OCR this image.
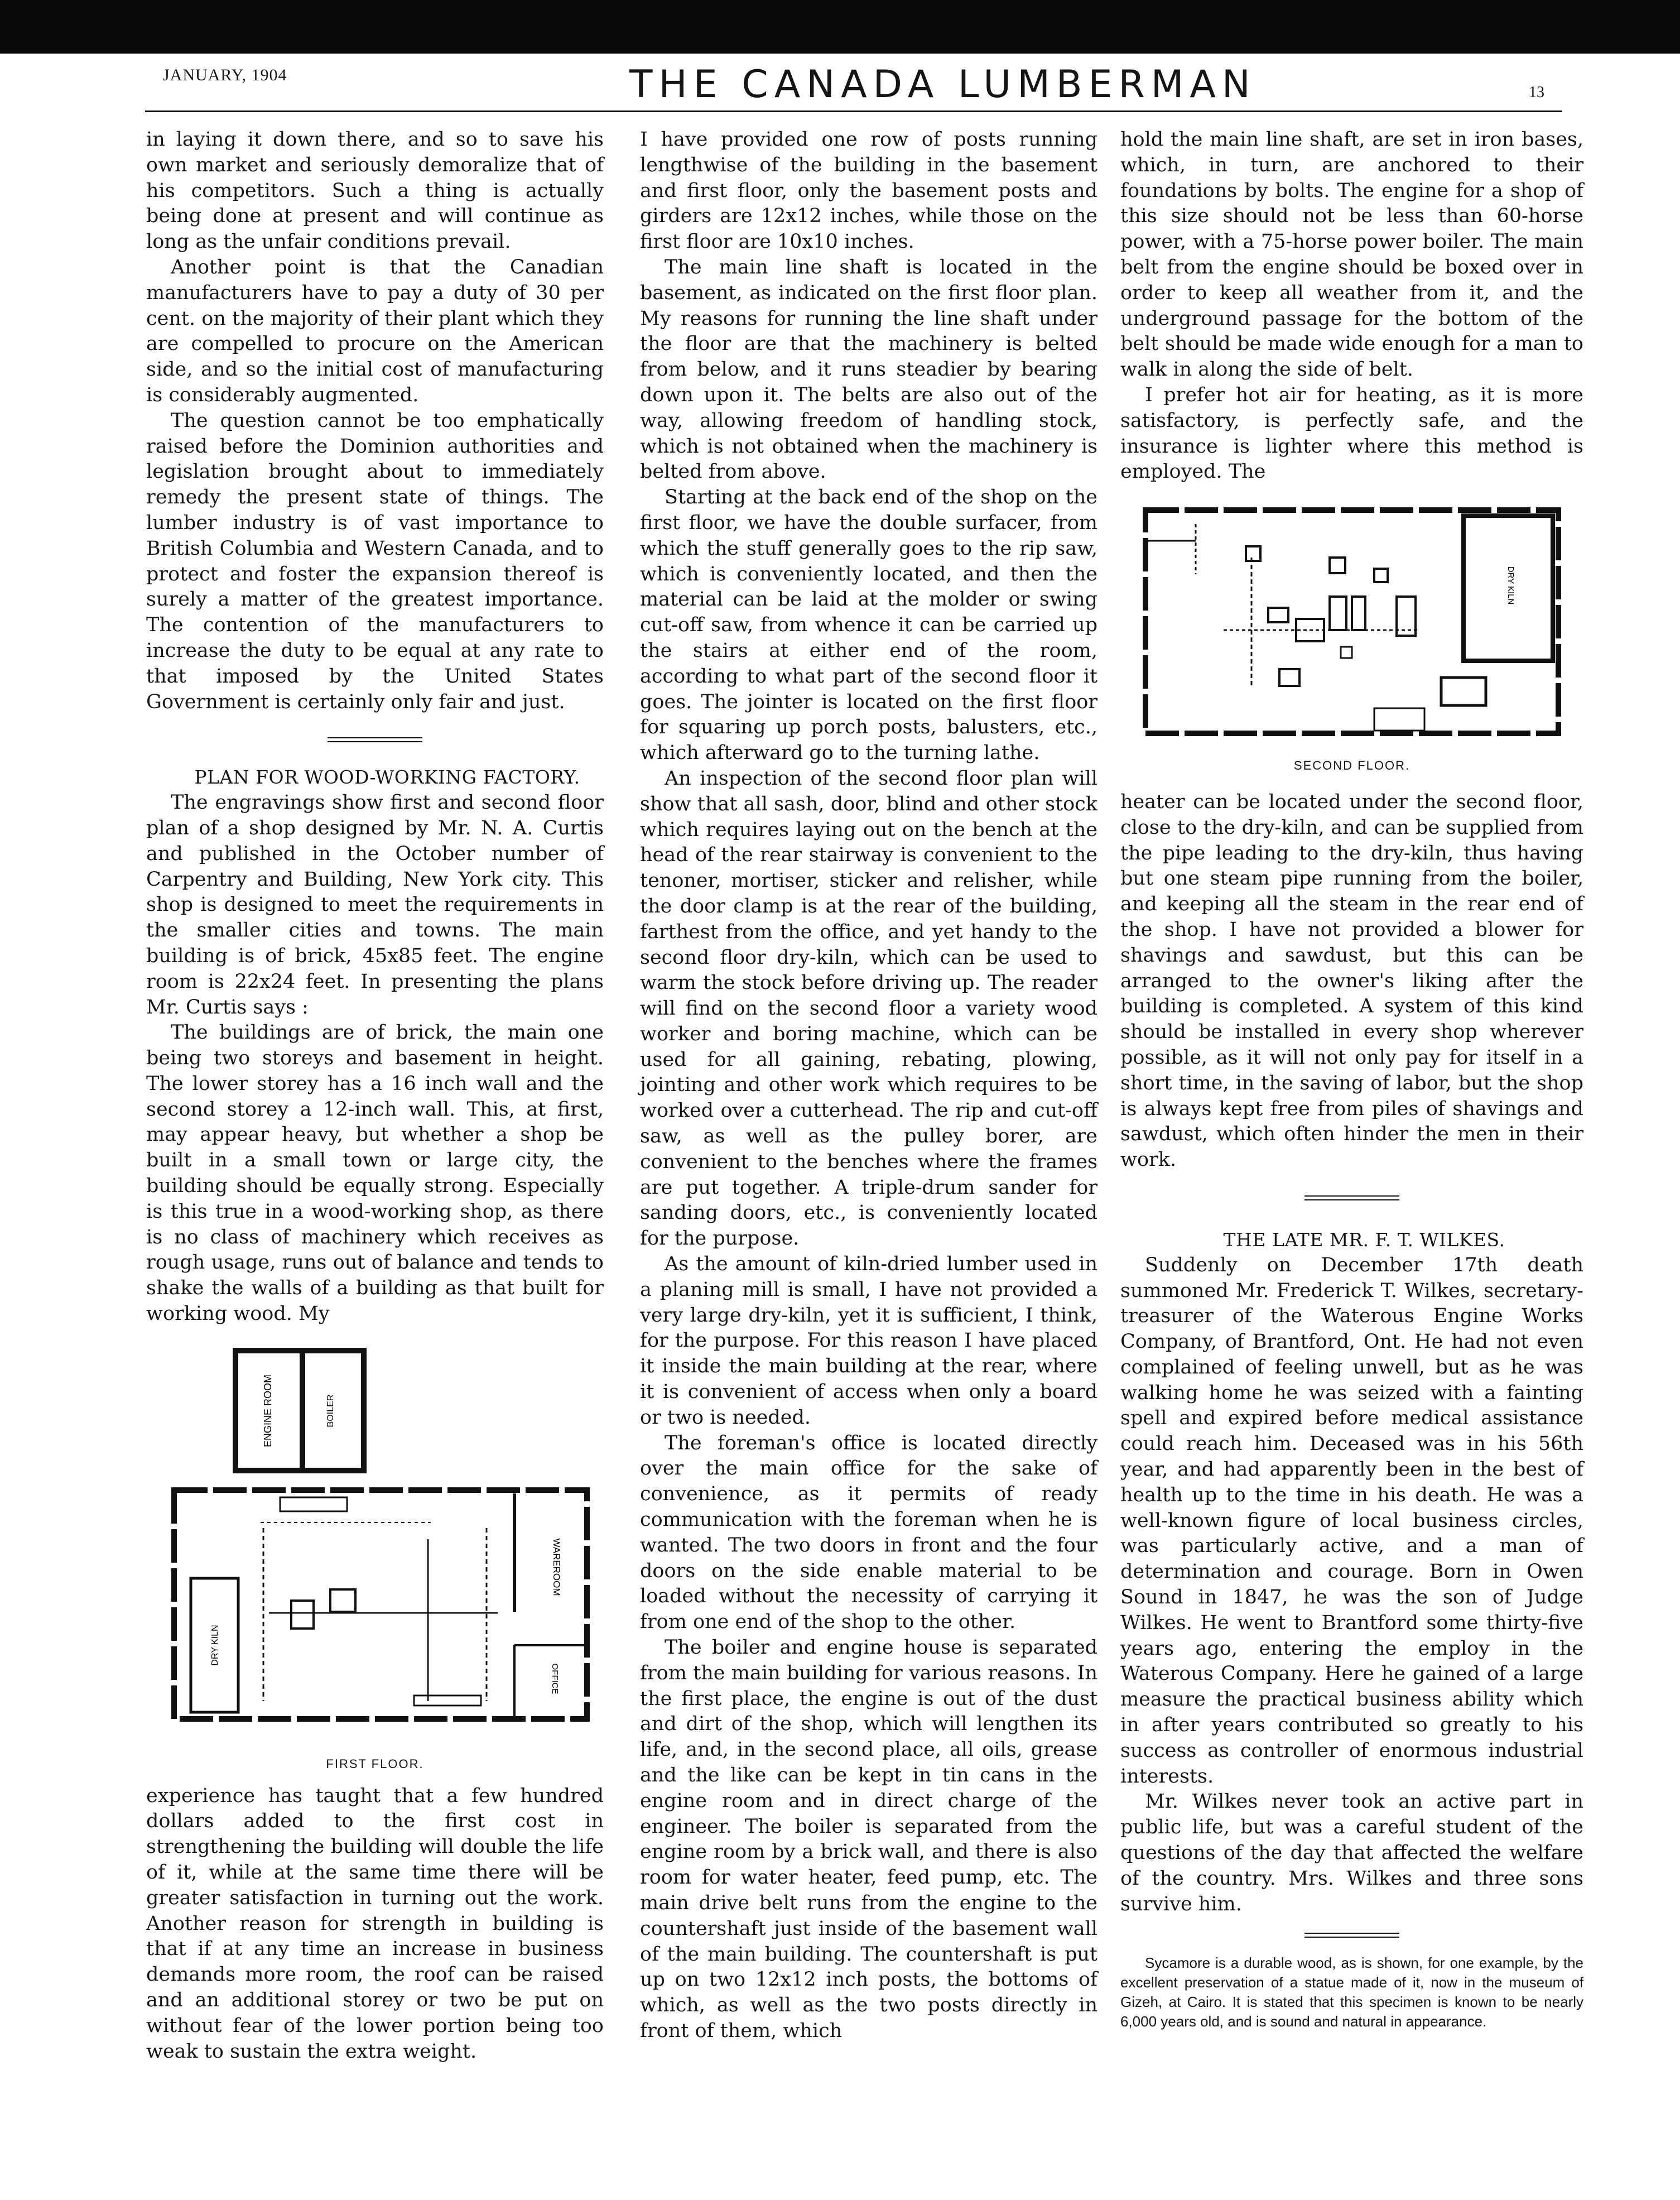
JANUARY, 1904	THE CANADA LUMBERMAN	13

in laying it down there, and so to save his own market and seriously demoralize that of his competitors. Such a thing is actually being done at present and will continue as long as the unfair conditions prevail.

Another point is that the Canadian manufacturers have to pay a duty of 30 per cent. on the majority of their plant which they are compelled to procure on the American side, and so the initial cost of manufacturing is considerably augmented.

The question cannot be too emphatically raised before the Dominion authorities and legislation brought about to immediately remedy the present state of things. The lumber industry is of vast importance to British Columbia and Western Canada, and to protect and foster the expansion thereof is surely a matter of the greatest importance. The contention of the manufacturers to increase the duty to be equal at any rate to that imposed by the United States Government is certainly only fair and just.

PLAN FOR WOOD-WORKING FACTORY.

The engravings show first and second floor plan of a shop designed by Mr. N. A. Curtis and published in the October number of Carpentry and Building, New York city. This shop is designed to meet the requirements in the smaller cities and towns. The main building is of brick, 45x85 feet. The engine room is 22x24 feet. In presenting the plans Mr. Curtis says :

The buildings are of brick, the main one being two storeys and basement in height. The lower storey has a 16 inch wall and the second storey a 12-inch wall. This, at first, may appear heavy, but whether a shop be built in a small town or large city, the building should be equally strong. Especially is this true in a wood-working shop, as there is no class of machinery which receives as rough usage, runs out of balance and tends to shake the walls of a building as that built for working wood. My

ENGINE ROOM	BOILER
DRY KILN
WAREROOM
OFFICE
FIRST FLOOR.

experience has taught that a few hundred dollars added to the first cost in strengthening the building will double the life of it, while at the same time there will be greater satisfaction in turning out the work. Another reason for strength in building is that if at any time an increase in business demands more room, the roof can be raised and an additional storey or two be put on without fear of the lower portion being too weak to sustain the extra weight.

I have provided one row of posts running lengthwise of the building in the basement and first floor, only the basement posts and girders are 12x12 inches, while those on the first floor are 10x10 inches.

The main line shaft is located in the basement, as indicated on the first floor plan. My reasons for running the line shaft under the floor are that the machinery is belted from below, and it runs steadier by bearing down upon it. The belts are also out of the way, allowing freedom of handling stock, which is not obtained when the machinery is belted from above.

Starting at the back end of the shop on the first floor, we have the double surfacer, from which the stuff generally goes to the rip saw, which is conveniently located, and then the material can be laid at the molder or swing cut-off saw, from whence it can be carried up the stairs at either end of the room, according to what part of the second floor it goes. The jointer is located on the first floor for squaring up porch posts, balusters, etc., which afterward go to the turning lathe.

An inspection of the second floor plan will show that all sash, door, blind and other stock which requires laying out on the bench at the head of the rear stairway is convenient to the tenoner, mortiser, sticker and relisher, while the door clamp is at the rear of the building, farthest from the office, and yet handy to the second floor dry-kiln, which can be used to warm the stock before driving up. The reader will find on the second floor a variety wood worker and boring machine, which can be used for all gaining, rebating, plowing, jointing and other work which requires to be worked over a cutterhead. The rip and cut-off saw, as well as the pulley borer, are convenient to the benches where the frames are put together. A triple-drum sander for sanding doors, etc., is conveniently located for the purpose.

As the amount of kiln-dried lumber used in a planing mill is small, I have not provided a very large dry-kiln, yet it is sufficient, I think, for the purpose. For this reason I have placed it inside the main building at the rear, where it is convenient of access when only a board or two is needed.

The foreman's office is located directly over the main office for the sake of convenience, as it permits of ready communication with the foreman when he is wanted. The two doors in front and the four doors on the side enable material to be loaded without the necessity of carrying it from one end of the shop to the other.

The boiler and engine house is separated from the main building for various reasons. In the first place, the engine is out of the dust and dirt of the shop, which will lengthen its life, and, in the second place, all oils, grease and the like can be kept in tin cans in the engine room and in direct charge of the engineer. The boiler is separated from the engine room by a brick wall, and there is also room for water heater, feed pump, etc. The main drive belt runs from the engine to the countershaft just inside of the basement wall of the main building. The countershaft is put up on two 12x12 inch posts, the bottoms of which, as well as the two posts directly in front of them, which

hold the main line shaft, are set in iron bases, which, in turn, are anchored to their foundations by bolts. The engine for a shop of this size should not be less than 60-horse power, with a 75-horse power boiler. The main belt from the engine should be boxed over in order to keep all weather from it, and the underground passage for the bottom of the belt should be made wide enough for a man to walk in along the side of belt.

I prefer hot air for heating, as it is more satisfactory, is perfectly safe, and the insurance is lighter where this method is employed. The

DRY KILN
SECOND FLOOR.

heater can be located under the second floor, close to the dry-kiln, and can be supplied from the pipe leading to the dry-kiln, thus having but one steam pipe running from the boiler, and keeping all the steam in the rear end of the shop. I have not provided a blower for shavings and sawdust, but this can be arranged to the owner's liking after the building is completed. A system of this kind should be installed in every shop wherever possible, as it will not only pay for itself in a short time, in the saving of labor, but the shop is always kept free from piles of shavings and sawdust, which often hinder the men in their work.

THE LATE MR. F. T. WILKES.

Suddenly on December 17th death summoned Mr. Frederick T. Wilkes, secretary-treasurer of the Waterous Engine Works Company, of Brantford, Ont. He had not even complained of feeling unwell, but as he was walking home he was seized with a fainting spell and expired before medical assistance could reach him. Deceased was in his 56th year, and had apparently been in the best of health up to the time in his death. He was a well-known figure of local business circles, was particularly active, and a man of determination and courage. Born in Owen Sound in 1847, he was the son of Judge Wilkes. He went to Brantford some thirty-five years ago, entering the employ in the Waterous Company. Here he gained of a large measure the practical business ability which in after years contributed so greatly to his success as controller of enormous industrial interests.

Mr. Wilkes never took an active part in public life, but was a careful student of the questions of the day that affected the welfare of the country. Mrs. Wilkes and three sons survive him.

Sycamore is a durable wood, as is shown, for one example, by the excellent preservation of a statue made of it, now in the museum of Gizeh, at Cairo. It is stated that this specimen is known to be nearly 6,000 years old, and is sound and natural in appearance.
